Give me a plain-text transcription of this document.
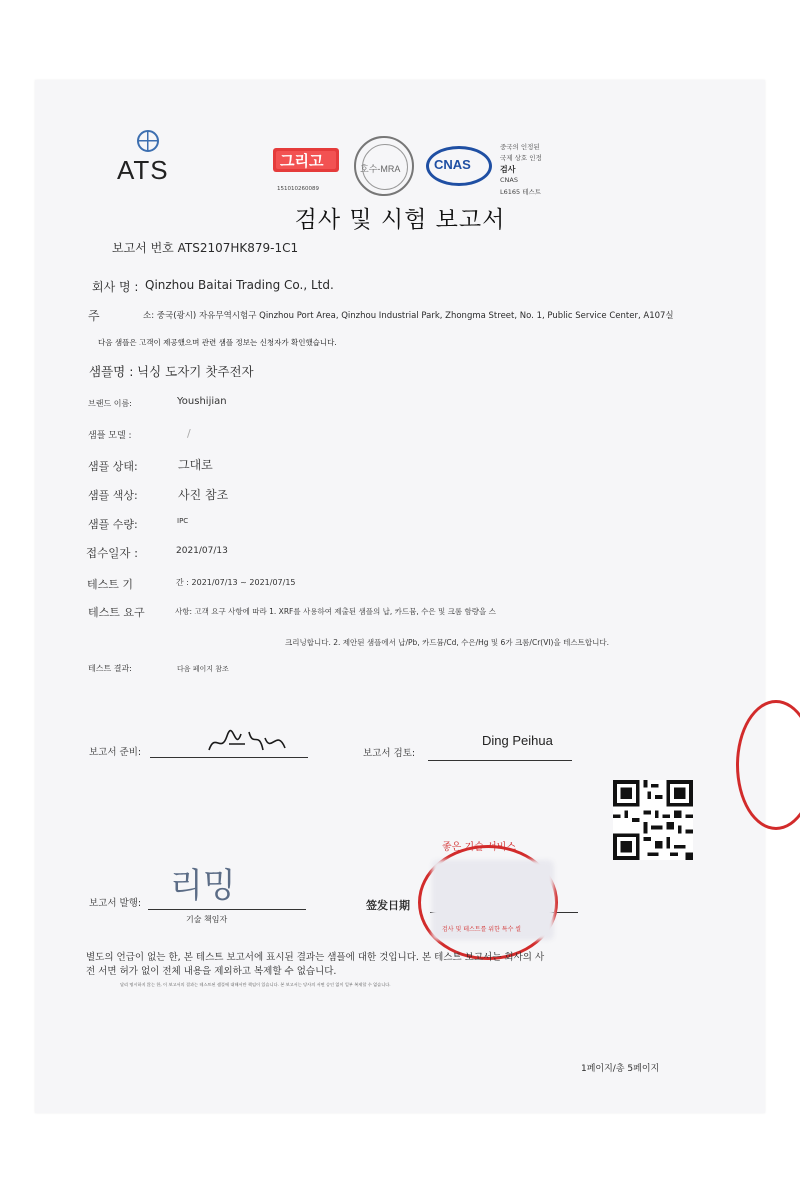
ATS	그리고
151010260089
호수-MRA	CNAS
중국의 인정된
국제 상호 인정
검사
CNAS
L6165 테스트
검사 및 시험 보고서
보고서 번호 ATS2107HK879-1C1
회사 명 : Qinzhou Baitai Trading Co., Ltd.
주	소: 중국(광시) 자유무역시험구 Qinzhou Port Area, Qinzhou Industrial Park, Zhongma Street, No. 1, Public Service Center, A107실
다음 샘플은 고객이 제공했으며 관련 샘플 정보는 신청자가 확인했습니다.
샘플명 : 닉싱 도자기 찻주전자
브랜드 이름:	Youshijian
샘플 모델 :	/
샘플 상태:	그대로
샘플 색상:	사진 참조
샘플 수량:	IPC
접수일자 :	2021/07/13
테스트 기	간 : 2021/07/13 ~ 2021/07/15
테스트 요구	사항: 고객 요구 사항에 따라 1. XRF를 사용하여 제출된 샘플의 납, 카드뮴, 수은 및 크롬 함량을 스
크리닝합니다. 2. 제안된 샘플에서 납/Pb, 카드뮴/Cd, 수은/Hg 및 6가 크롬/Cr(VI)을 테스트합니다.
테스트 결과:	다음 페이지 참조
보고서 준비:	보고서 검토:
Ding Peihua
보고서 발행: 리밍
기술 책임자
签发日期
좋은 기술 서비스
검사 및 테스트를 위한 특수 씰
별도의 언급이 없는 한, 본 테스트 보고서에 표시된 결과는 샘플에 대한 것입니다. 본 테스트 보고서는 회사의 사
전 서면 허가 없이 전체 내용을 제외하고 복제할 수 없습니다.
달리 명시하지 않는 한, 이 보고서의 결과는 테스트된 샘플에 대해서만 책임이 있습니다. 본 보고서는 당사의 서면 승인 없이 일부 복제할 수 없습니다.
1페이지/총 5페이지
